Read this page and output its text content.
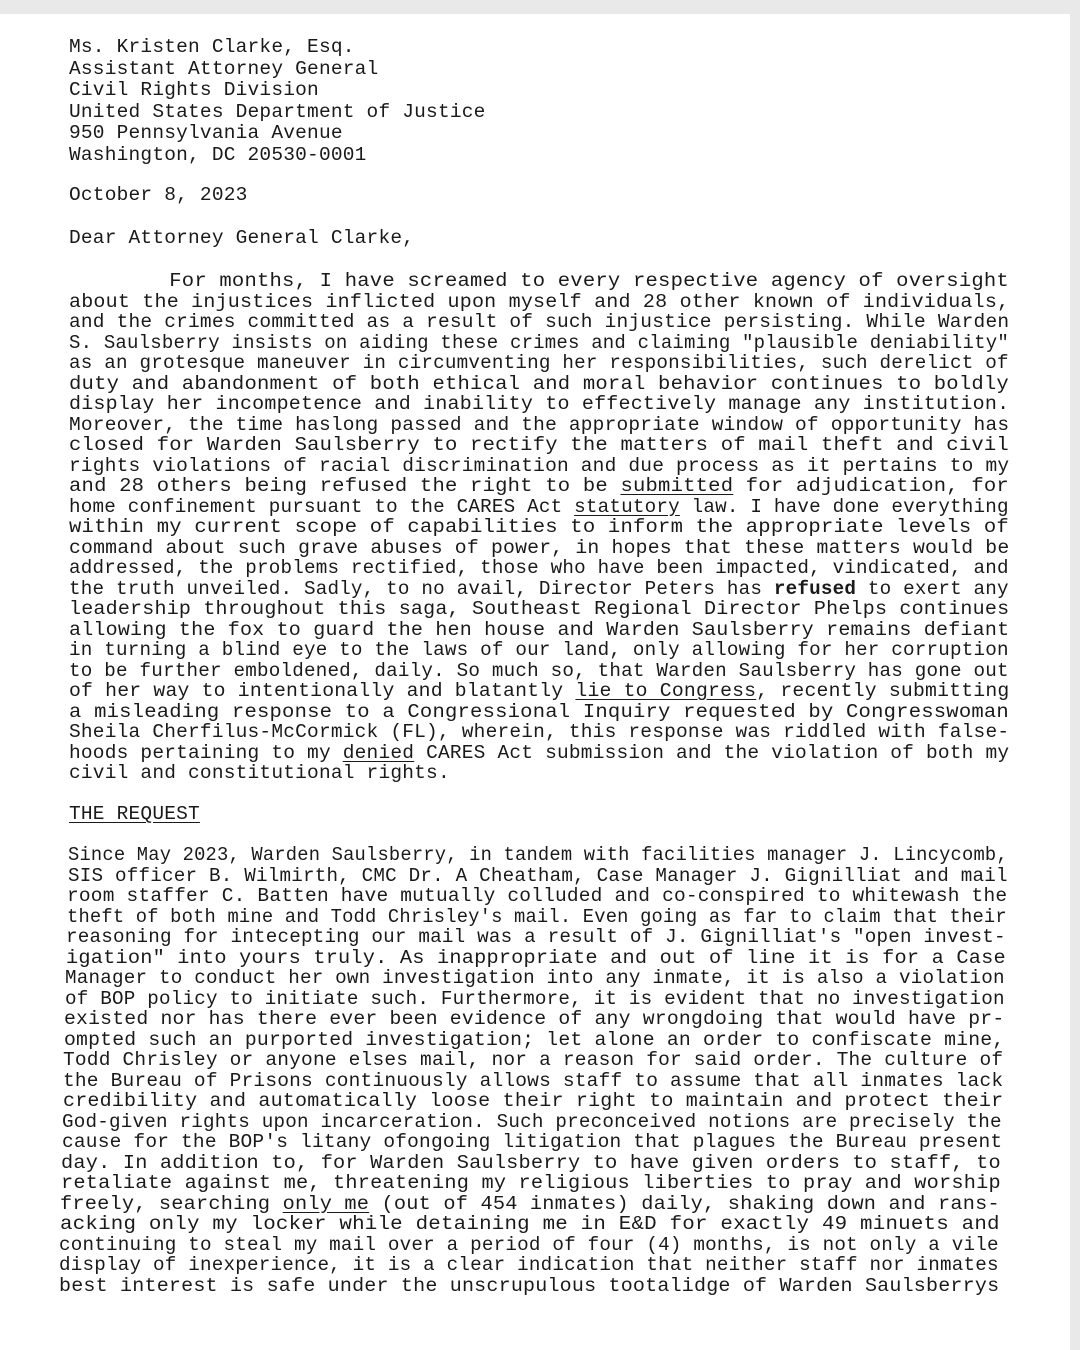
Ms. Kristen Clarke, Esq.
Assistant Attorney General
Civil Rights Division
United States Department of Justice
950 Pennsylvania Avenue
Washington, DC 20530-0001
October 8, 2023
Dear Attorney General Clarke,
For months, I have screamed to every respective agency of oversight
about the injustices inflicted upon myself and 28 other known of individuals,
and the crimes committed as a result of such injustice persisting. While Warden
S. Saulsberry insists on aiding these crimes and claiming "plausible deniability"
as an grotesque maneuver in circumventing her responsibilities, such derelict of
duty and abandonment of both ethical and moral behavior continues to boldly
display her incompetence and inability to effectively manage any institution.
Moreover, the time haslong passed and the appropriate window of opportunity has
closed for Warden Saulsberry to rectify the matters of mail theft and civil
rights violations of racial discrimination and due process as it pertains to my
and 28 others being refused the right to be submitted for adjudication, for
home confinement pursuant to the CARES Act statutory law. I have done everything
within my current scope of capabilities to inform the appropriate levels of
command about such grave abuses of power, in hopes that these matters would be
addressed, the problems rectified, those who have been impacted, vindicated, and
the truth unveiled. Sadly, to no avail, Director Peters has refused to exert any
leadership throughout this saga, Southeast Regional Director Phelps continues
allowing the fox to guard the hen house and Warden Saulsberry remains defiant
in turning a blind eye to the laws of our land, only allowing for her corruption
to be further emboldened, daily. So much so, that Warden Saulsberry has gone out
of her way to intentionally and blatantly lie to Congress, recently submitting
a misleading response to a Congressional Inquiry requested by Congresswoman
Sheila Cherfilus-McCormick (FL), wherein, this response was riddled with false-
hoods pertaining to my denied CARES Act submission and the violation of both my
civil and constitutional rights.
THE REQUEST
Since May 2023, Warden Saulsberry, in tandem with facilities manager J. Lincycomb,
SIS officer B. Wilmirth, CMC Dr. A Cheatham, Case Manager J. Gignilliat and mail
room staffer C. Batten have mutually colluded and co-conspired to whitewash the
theft of both mine and Todd Chrisley's mail. Even going as far to claim that their
reasoning for intecepting our mail was a result of J. Gignilliat's "open invest-
igation" into yours truly. As inappropriate and out of line it is for a Case
Manager to conduct her own investigation into any inmate, it is also a violation
of BOP policy to initiate such. Furthermore, it is evident that no investigation
existed nor has there ever been evidence of any wrongdoing that would have pr-
ompted such an purported investigation; let alone an order to confiscate mine,
Todd Chrisley or anyone elses mail, nor a reason for said order. The culture of
the Bureau of Prisons continuously allows staff to assume that all inmates lack
credibility and automatically loose their right to maintain and protect their
God-given rights upon incarceration. Such preconceived notions are precisely the
cause for the BOP's litany ofongoing litigation that plagues the Bureau present
day. In addition to, for Warden Saulsberry to have given orders to staff, to
retaliate against me, threatening my religious liberties to pray and worship
freely, searching only me (out of 454 inmates) daily, shaking down and rans-
acking only my locker while detaining me in E&D for exactly 49 minuets and
continuing to steal my mail over a period of four (4) months, is not only a vile
display of inexperience, it is a clear indication that neither staff nor inmates
best interest is safe under the unscrupulous tootalidge of Warden Saulsberrys
